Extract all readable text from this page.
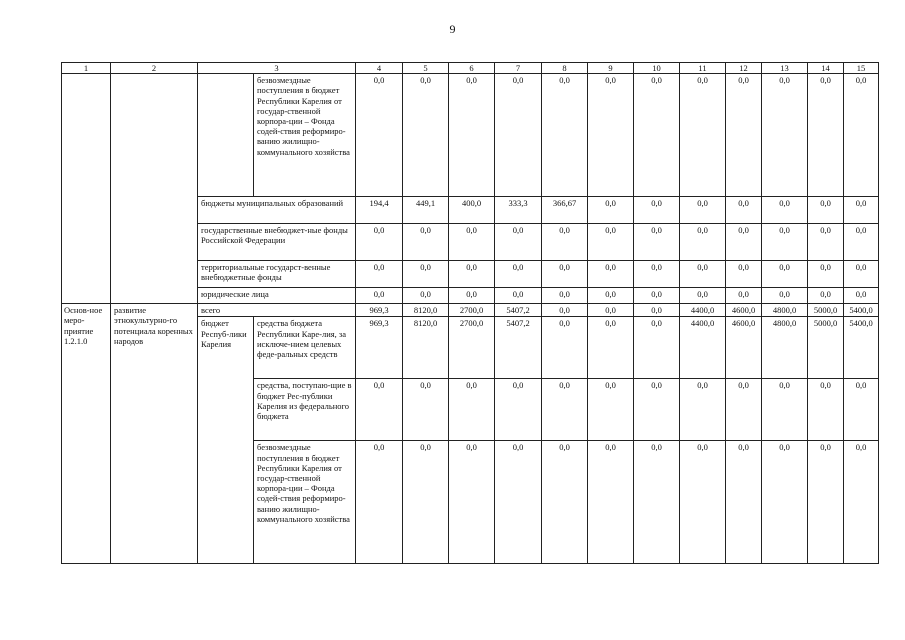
9
1	2	3		4	5	6	7	8	9	10	11	12	13	14	15
			безвозмездные поступления в бюджет Республики Карелия от государ-ственной корпора-ции – Фонда содей-ствия реформиро-ванию жилищно-коммунального хозяйства	0,0	0,0	0,0	0,0	0,0	0,0	0,0	0,0	0,0	0,0	0,0	0,0
		бюджеты муниципальных образований		194,4	449,1	400,0	333,3	366,67	0,0	0,0	0,0	0,0	0,0	0,0	0,0
		государственные внебюджет-ные фонды Российской Федерации		0,0	0,0	0,0	0,0	0,0	0,0	0,0	0,0	0,0	0,0	0,0	0,0
		территориальные государст-венные внебюджетные фонды		0,0	0,0	0,0	0,0	0,0	0,0	0,0	0,0	0,0	0,0	0,0	0,0
		юридические лица		0,0	0,0	0,0	0,0	0,0	0,0	0,0	0,0	0,0	0,0	0,0	0,0
Основ-ное меро-приятие 1.2.1.0	развитие этнокультурно-го потенциала коренных народов	всего		969,3	8120,0	2700,0	5407,2	0,0	0,0	0,0	4400,0	4600,0	4800,0	5000,0	5400,0
		бюджет Респуб-лики Карелия	средства бюджета Республики Каре-лия, за исключе-нием целевых феде-ральных средств	969,3	8120,0	2700,0	5407,2	0,0	0,0	0,0	4400,0	4600,0	4800,0	5000,0	5400,0
			средства, поступаю-щие в бюджет Рес-публики Карелия из федерального бюджета	0,0	0,0	0,0	0,0	0,0	0,0	0,0	0,0	0,0	0,0	0,0	0,0
			безвозмездные поступления в бюджет Республики Карелия от государ-ственной корпора-ции – Фонда содей-ствия реформиро-ванию жилищно-коммунального хозяйства	0,0	0,0	0,0	0,0	0,0	0,0	0,0	0,0	0,0	0,0	0,0	0,0
